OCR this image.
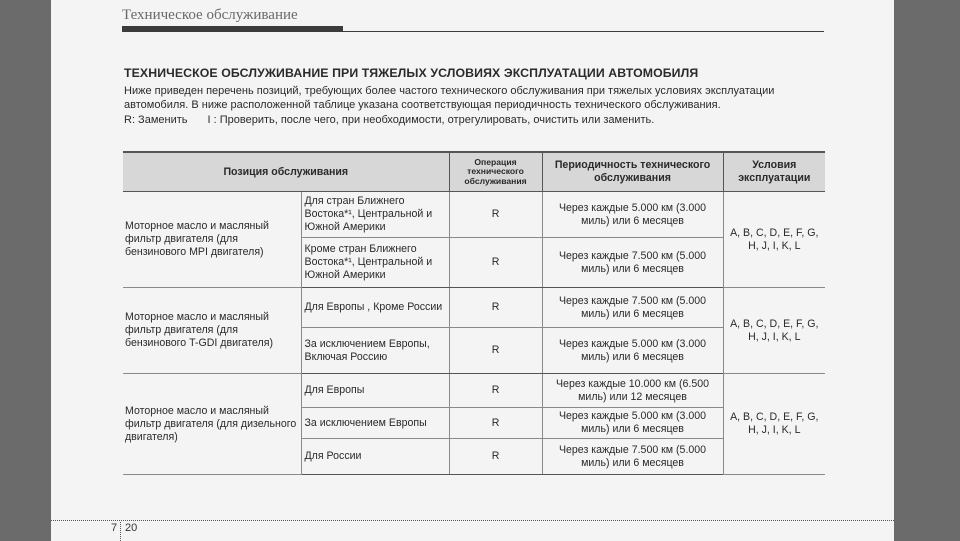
Техническое обслуживание
ТЕХНИЧЕСКОЕ ОБСЛУЖИВАНИЕ ПРИ ТЯЖЕЛЫХ УСЛОВИЯХ ЭКСПЛУАТАЦИИ АВТОМОБИЛЯ
Ниже приведен перечень позиций, требующих более частого технического обслуживания при тяжелых условиях эксплуатации автомобиля. В ниже расположенной таблице указана соответствующая периодичность технического обслуживания.
R: Заменить I : Проверить, после чего, при необходимости, отрегулировать, очистить или заменить.
Позиция обслуживания		Операция технического обслуживания	Периодичность технического обслуживания	Условия эксплуатации
Моторное масло и масляный фильтр двигателя (для бензинового MPI двигателя)	Для стран Ближнего Востока*¹, Центральной и Южной Америки	R	Через каждые 5.000 км (3.000 миль) или 6 месяцев	A, B, C, D, E, F, G, H, J, I, K, L
	Кроме стран Ближнего Востока*¹, Центральной и Южной Америки	R	Через каждые 7.500 км (5.000 миль) или 6 месяцев	
Моторное масло и масляный фильтр двигателя (для бензинового T-GDI двигателя)	Для Европы , Кроме России	R	Через каждые 7.500 км (5.000 миль) или 6 месяцев	A, B, C, D, E, F, G, H, J, I, K, L
	За исключением Европы, Включая Россию	R	Через каждые 5.000 км (3.000 миль) или 6 месяцев	
Моторное масло и масляный фильтр двигателя (для дизельного двигателя)	Для Европы	R	Через каждые 10.000 км (6.500 миль) или 12 месяцев	A, B, C, D, E, F, G, H, J, I, K, L
	За исключением Европы	R	Через каждые 5.000 км (3.000 миль) или 6 месяцев	
	Для России	R	Через каждые 7.500 км (5.000 миль) или 6 месяцев	
7 20
